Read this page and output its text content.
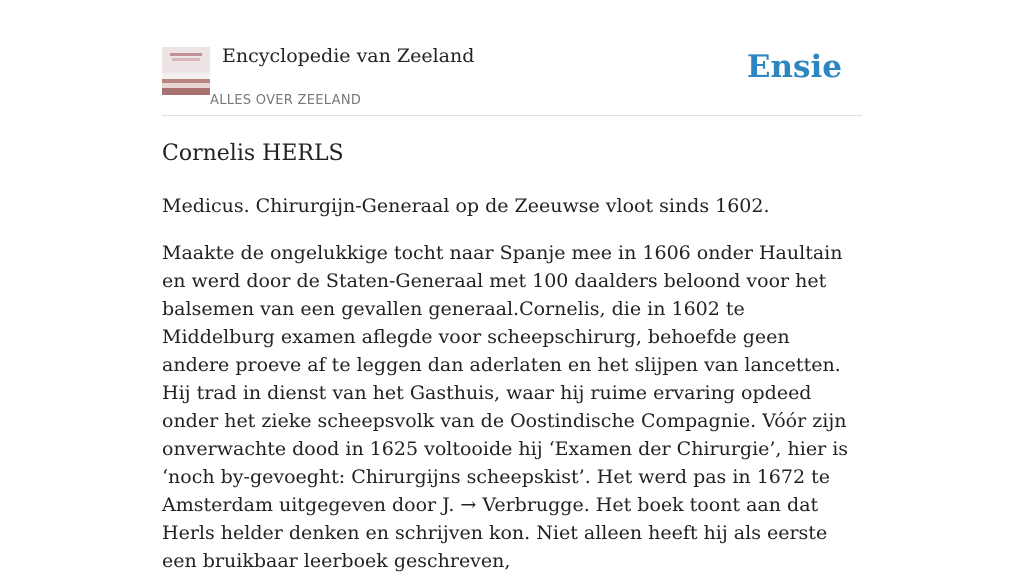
Encyclopedie van Zeeland
ALLES OVER ZEELAND
Ensie
Cornelis HERLS

Medicus. Chirurgijn-Generaal op de Zeeuwse vloot sinds 1602.

Maakte de ongelukkige tocht naar Spanje mee in 1606 onder Haultain en werd door de Staten-Generaal met 100 daalders beloond voor het balsemen van een gevallen generaal.Cornelis, die in 1602 te Middelburg examen aflegde voor scheepschirurg, behoefde geen andere proeve af te leggen dan aderlaten en het slijpen van lancetten. Hij trad in dienst van het Gasthuis, waar hij ruime ervaring opdeed onder het zieke scheepsvolk van de Oostindische Compagnie. Vóór zijn onverwachte dood in 1625 voltooide hij ‘Examen der Chirurgie’, hier is ‘noch by-gevoeght: Chirurgijns scheepskist’. Het werd pas in 1672 te Amsterdam uitgegeven door J. → Verbrugge. Het boek toont aan dat Herls helder denken en schrijven kon. Niet alleen heeft hij als eerste een bruikbaar leerboek geschreven,
